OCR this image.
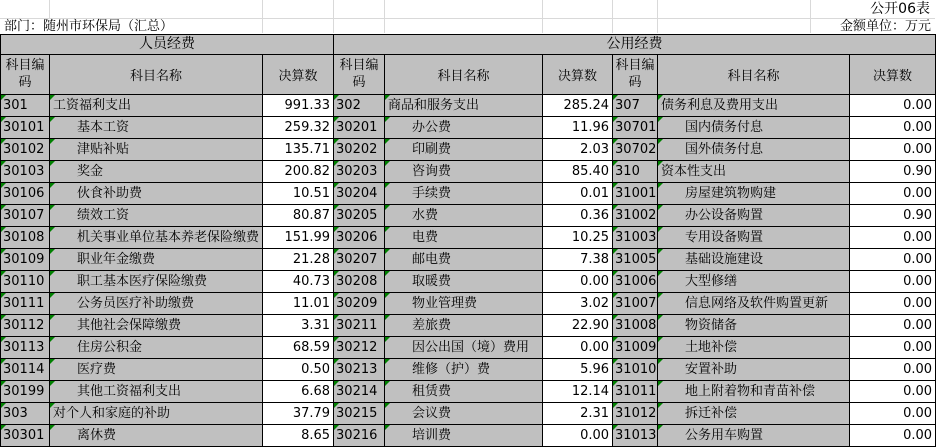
公开06表
部门：随州市环保局（汇总）	金额单位：万元
人员经费			公用经费					
科目编码	科目名称	决算数	科目编码	科目名称	决算数	科目编码	科目名称	决算数

301	工资福利支出	991.33	302	商品和服务支出	285.24	307	债务利息及费用支出	0.00

30101	基本工资	259.32	30201	办公费	11.96	30701	国内债务付息	0.00

30102	津贴补贴	135.71	30202	印刷费	2.03	30702	国外债务付息	0.00

30103	奖金	200.82	30203	咨询费	85.40	310	资本性支出	0.90

30106	伙食补助费	10.51	30204	手续费	0.01	31001	房屋建筑物购建	0.00

30107	绩效工资	80.87	30205	水费	0.36	31002	办公设备购置	0.90

30108	机关事业单位基本养老保险缴费	151.99	30206	电费	10.25	31003	专用设备购置	0.00

30109	职业年金缴费	21.28	30207	邮电费	7.38	31005	基础设施建设	0.00

30110	职工基本医疗保险缴费	40.73	30208	取暖费	0.00	31006	大型修缮	0.00

30111	公务员医疗补助缴费	11.01	30209	物业管理费	3.02	31007	信息网络及软件购置更新	0.00

30112	其他社会保障缴费	3.31	30211	差旅费	22.90	31008	物资储备	0.00

30113	住房公积金	68.59	30212	因公出国（境）费用	0.00	31009	土地补偿	0.00

30114	医疗费	0.50	30213	维修（护）费	5.96	31010	安置补助	0.00

30199	其他工资福利支出	6.68	30214	租赁费	12.14	31011	地上附着物和青苗补偿	0.00

303	对个人和家庭的补助	37.79	30215	会议费	2.31	31012	拆迁补偿	0.00

30301	离休费	8.65	30216	培训费	0.00	31013	公务用车购置	0.00
